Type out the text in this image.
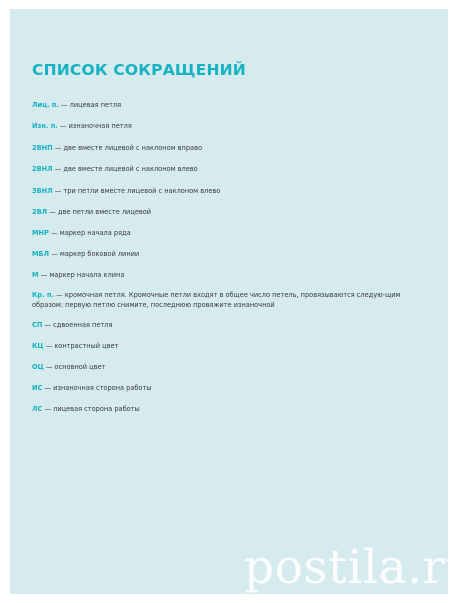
СПИСОК СОКРАЩЕНИЙ
Лиц. п. — лицевая петля
Изн. п. — изнаночная петля
2ВНП — две вместе лицевой с наклоном вправо
2ВНЛ — две вместе лицевой с наклоном влево
3ВНЛ — три петли вместе лицевой с наклоном влево
2ВЛ — две петли вместе лицевой
МНР — маркер начала ряда
МБЛ — маркер боковой линии
М — маркер начала клина
Кр. п. — кромочная петля. Кромочные петли входят в общее число петель, провязываются следую-щим образом: первую петлю снимите, последнюю провяжите изнаночной
СП — сдвоенная петля
КЦ — контрастный цвет
ОЦ — основной цвет
ИС — изнаночная сторона работы
ЛС — лицевая сторона работы
postila.ru
